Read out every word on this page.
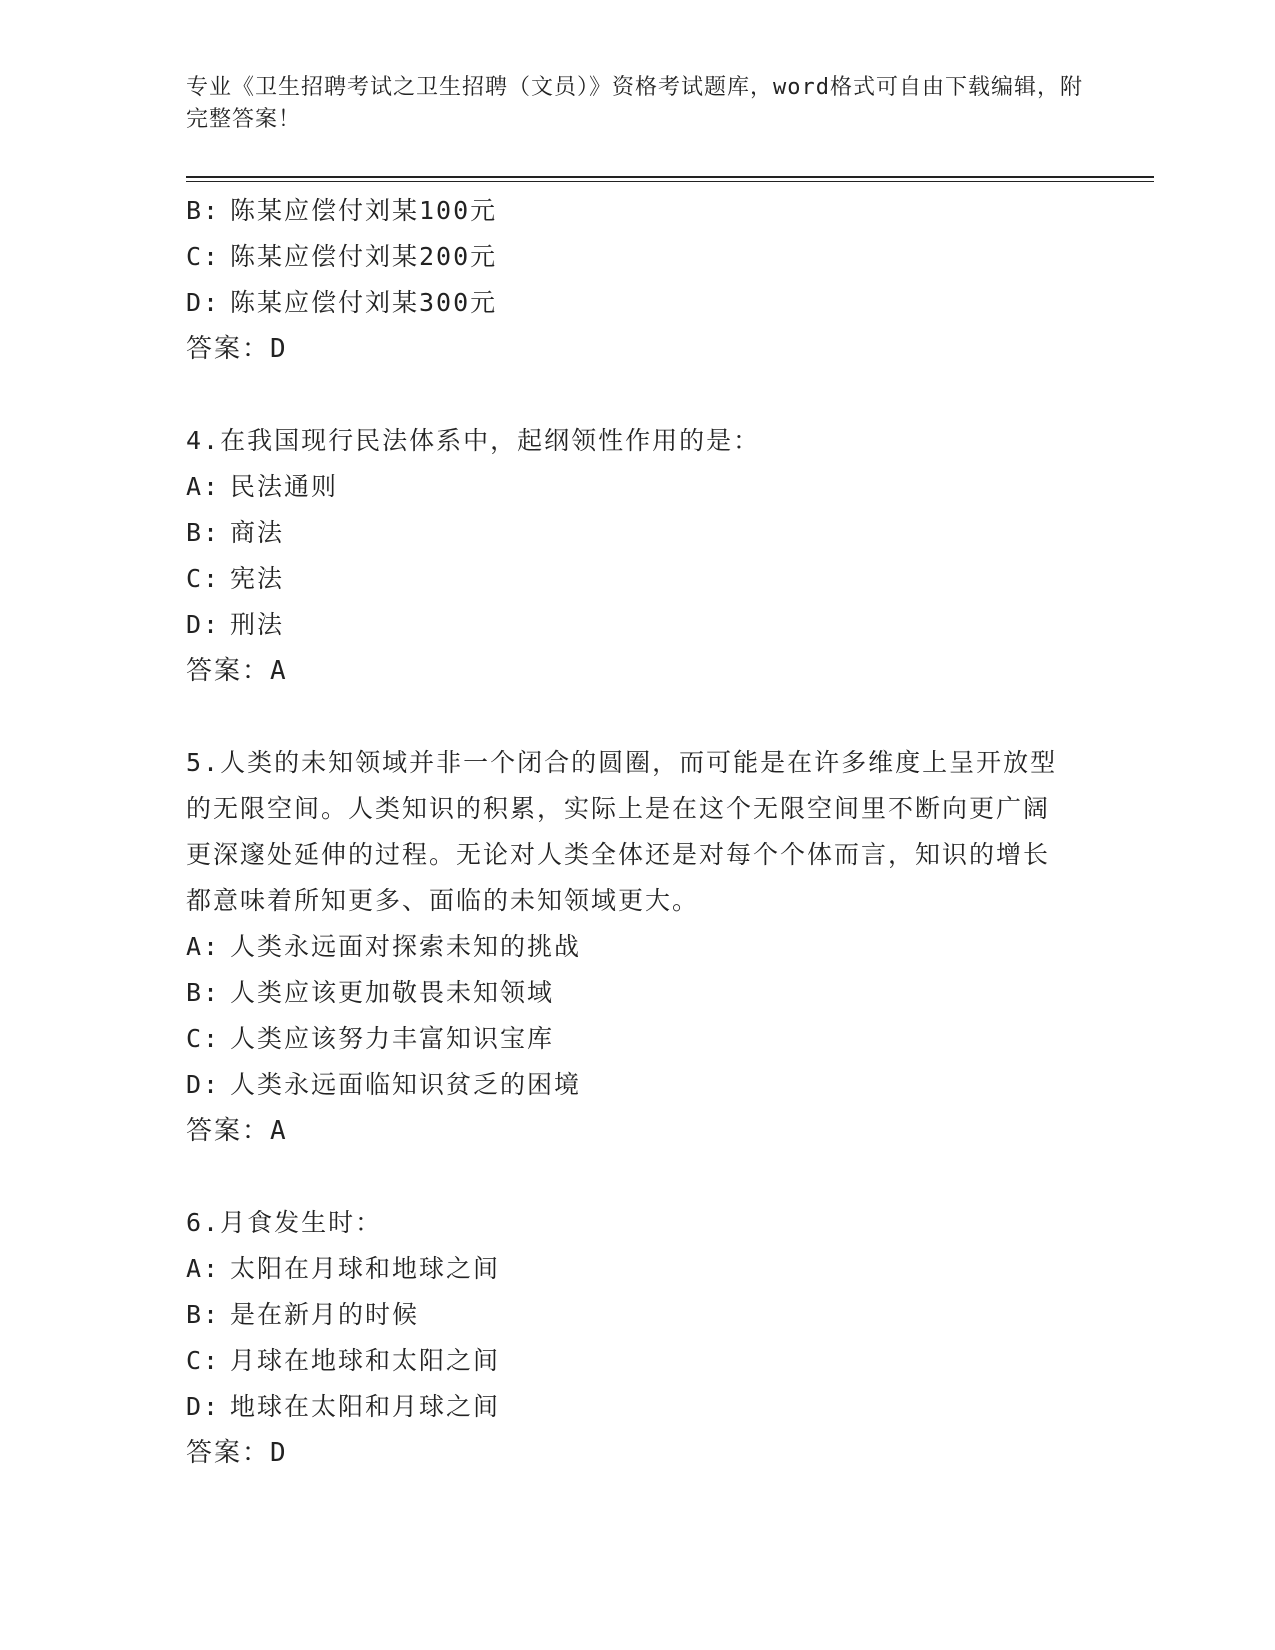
专业《卫生招聘考试之卫生招聘（文员）》资格考试题库，word格式可自由下载编辑，附完整答案！
B: 陈某应偿付刘某100元
C: 陈某应偿付刘某200元
D: 陈某应偿付刘某300元
答案：D
4.在我国现行民法体系中，起纲领性作用的是：
A: 民法通则
B: 商法
C: 宪法
D: 刑法
答案：A
5.人类的未知领域并非一个闭合的圆圈，而可能是在许多维度上呈开放型的无限空间。人类知识的积累，实际上是在这个无限空间里不断向更广阔更深邃处延伸的过程。无论对人类全体还是对每个个体而言，知识的增长都意味着所知更多、面临的未知领域更大。
A: 人类永远面对探索未知的挑战
B: 人类应该更加敬畏未知领域
C: 人类应该努力丰富知识宝库
D: 人类永远面临知识贫乏的困境
答案：A
6.月食发生时：
A: 太阳在月球和地球之间
B: 是在新月的时候
C: 月球在地球和太阳之间
D: 地球在太阳和月球之间
答案：D
